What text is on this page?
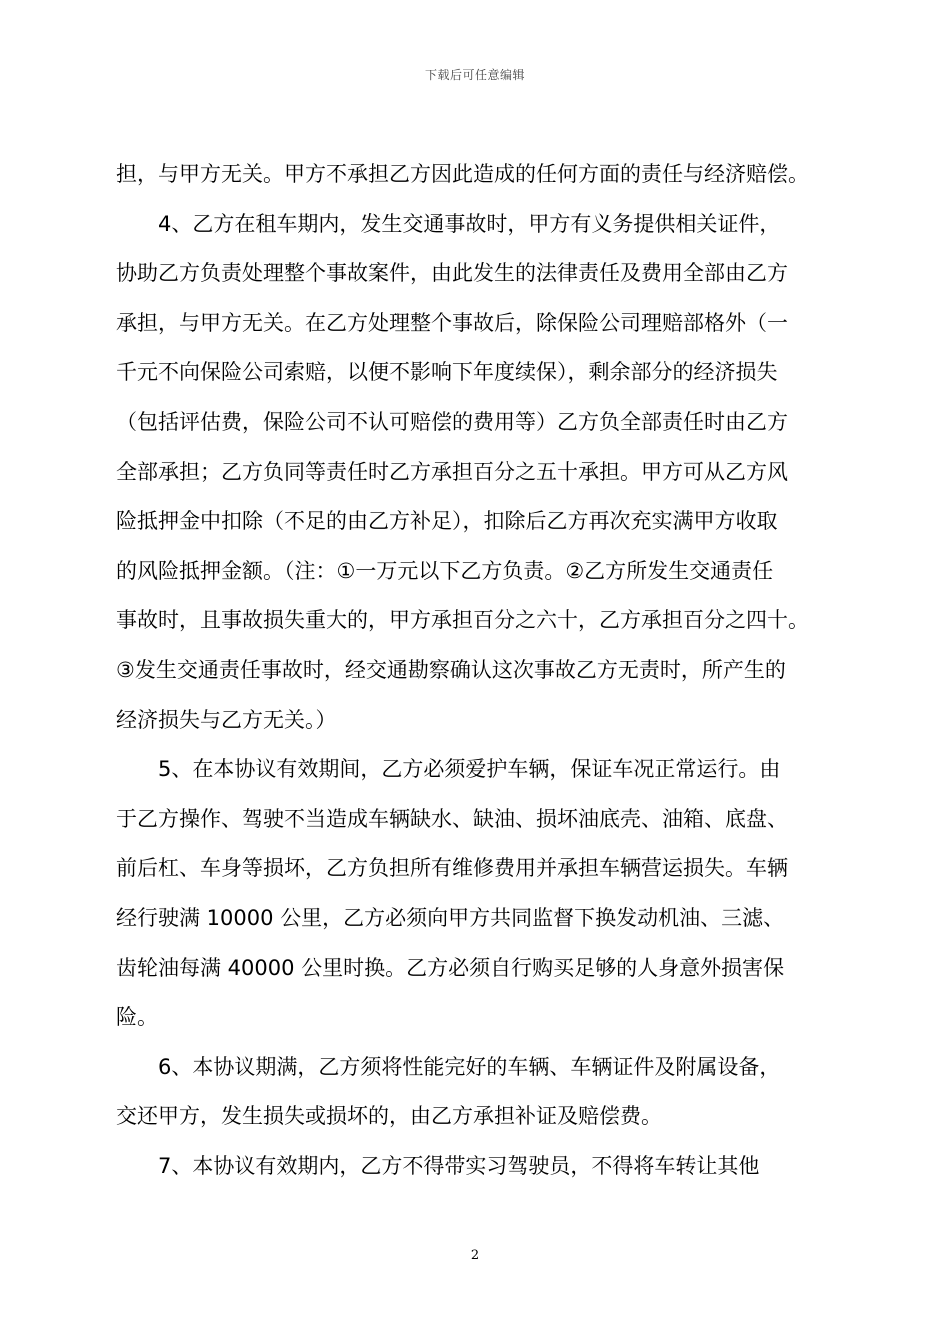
下载后可任意编辑
担，与甲方无关。甲方不承担乙方因此造成的任何方面的责任与经济赔偿。
4、乙方在租车期内，发生交通事故时，甲方有义务提供相关证件，
协助乙方负责处理整个事故案件，由此发生的法律责任及费用全部由乙方
承担，与甲方无关。在乙方处理整个事故后，除保险公司理赔部格外（一
千元不向保险公司索赔，以便不影响下年度续保），剩余部分的经济损失
（包括评估费，保险公司不认可赔偿的费用等）乙方负全部责任时由乙方
全部承担；乙方负同等责任时乙方承担百分之五十承担。甲方可从乙方风
险抵押金中扣除（不足的由乙方补足），扣除后乙方再次充实满甲方收取
的风险抵押金额。（注：①一万元以下乙方负责。②乙方所发生交通责任
事故时，且事故损失重大的，甲方承担百分之六十，乙方承担百分之四十。
③发生交通责任事故时，经交通勘察确认这次事故乙方无责时，所产生的
经济损失与乙方无关。）
5、在本协议有效期间，乙方必须爱护车辆，保证车况正常运行。由
于乙方操作、驾驶不当造成车辆缺水、缺油、损坏油底壳、油箱、底盘、
前后杠、车身等损坏，乙方负担所有维修费用并承担车辆营运损失。车辆
经行驶满 10000 公里，乙方必须向甲方共同监督下换发动机油、三滤、
齿轮油每满 40000 公里时换。乙方必须自行购买足够的人身意外损害保
险。
6、本协议期满，乙方须将性能完好的车辆、车辆证件及附属设备，
交还甲方，发生损失或损坏的，由乙方承担补证及赔偿费。
7、本协议有效期内，乙方不得带实习驾驶员，不得将车转让其他
2
